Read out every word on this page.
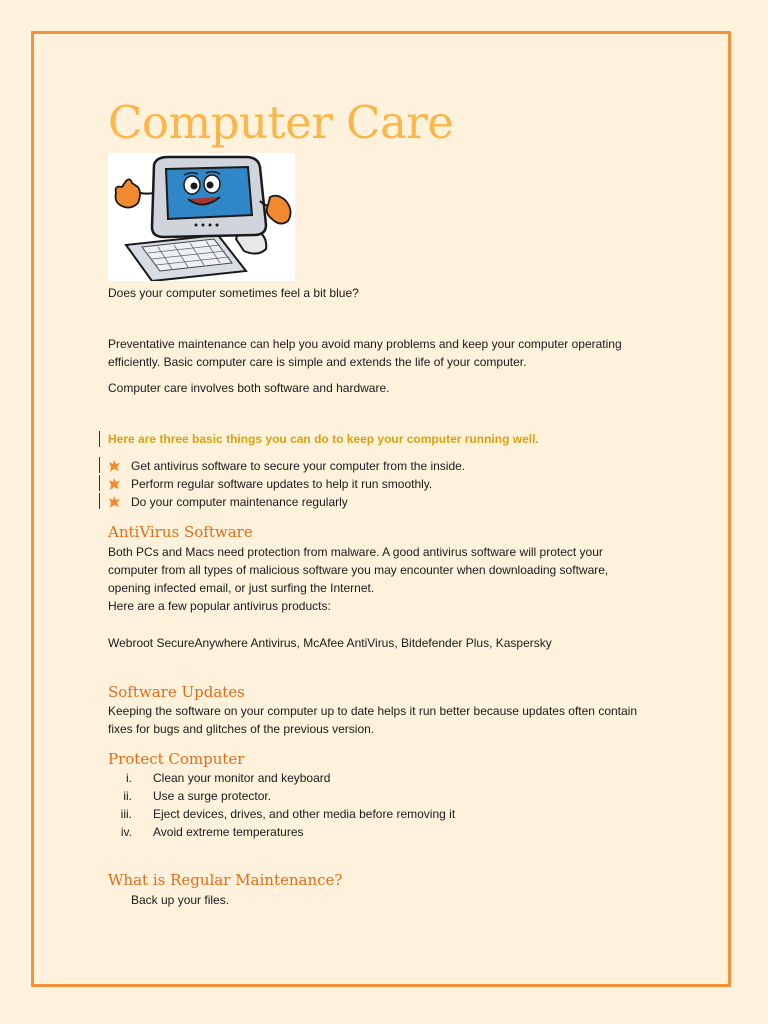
Computer Care

Does your computer sometimes feel a bit blue?

Preventative maintenance can help you avoid many problems and keep your computer operating

efficiently. Basic computer care is simple and extends the life of your computer.

Computer care involves both software and hardware.

Here are three basic things you can do to keep your computer running well.

Get antivirus software to secure your computer from the inside.
Perform regular software updates to help it run smoothly.
Do your computer maintenance regularly
AntiVirus Software

Both PCs and Macs need protection from malware. A good antivirus software will protect your

computer from all types of malicious software you may encounter when downloading software,

opening infected email, or just surfing the Internet.

Here are a few popular antivirus products:

Webroot SecureAnywhere Antivirus, McAfee AntiVirus, Bitdefender Plus, Kaspersky

Software Updates

Keeping the software on your computer up to date helps it run better because updates often contain

fixes for bugs and glitches of the previous version.

Protect Computer
i. Clean your monitor and keyboard
ii. Use a surge protector.
iii. Eject devices, drives, and other media before removing it
iv. Avoid extreme temperatures
What is Regular Maintenance?

Back up your files.
